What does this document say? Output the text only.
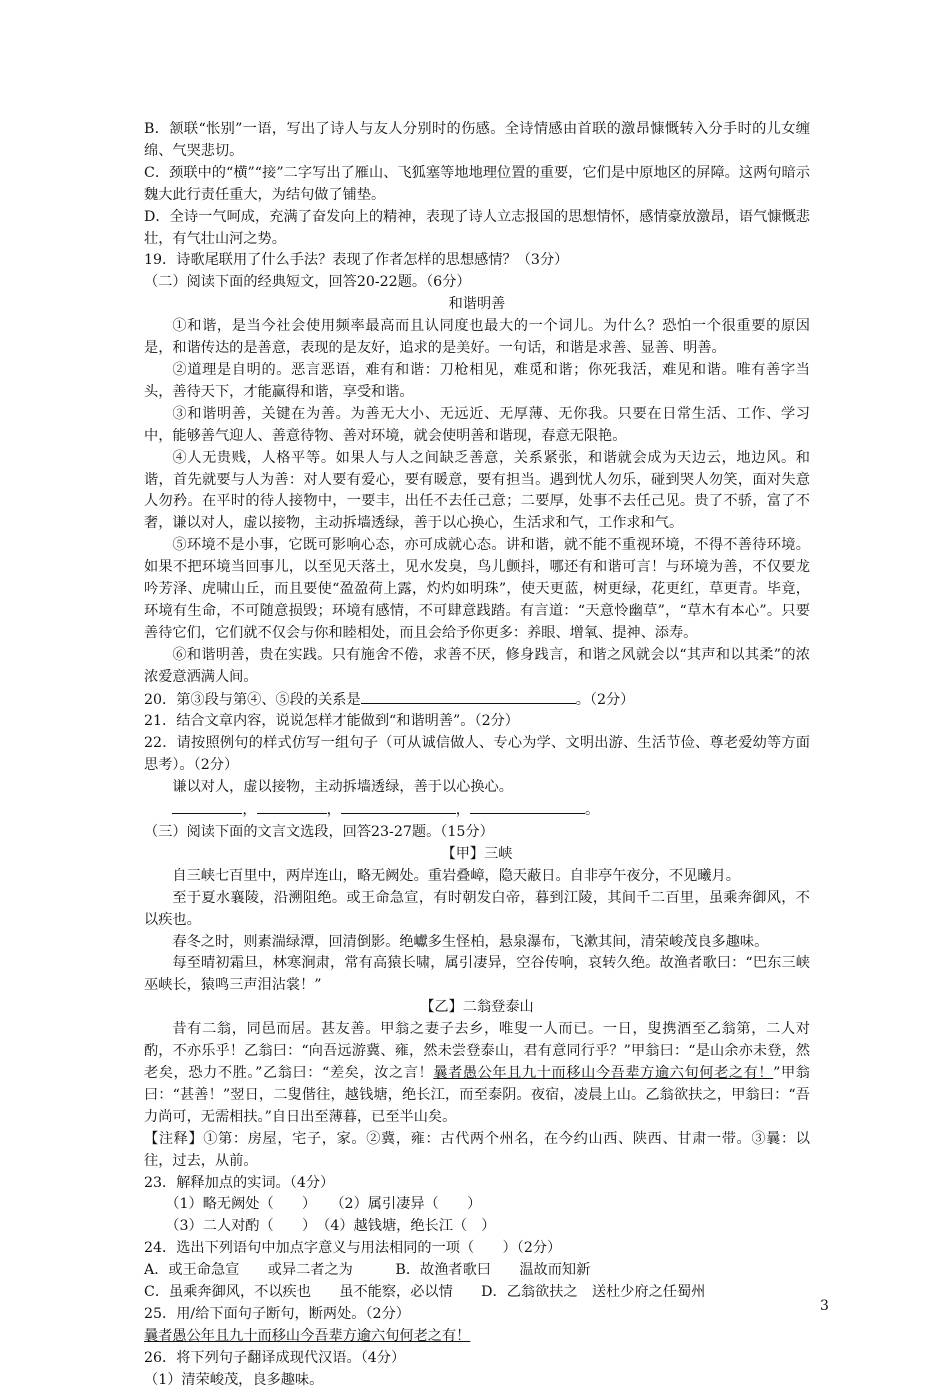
B．颔联“怅别”一语，写出了诗人与友人分别时的伤感。全诗情感由首联的激昂慷慨转入分手时的儿女缠绵、气哭悲切。

C．颈联中的“横”“接”二字写出了雁山、飞狐塞等地地理位置的重要，它们是中原地区的屏障。这两句暗示魏大此行责任重大，为结句做了铺垫。

D．全诗一气呵成，充满了奋发向上的精神，表现了诗人立志报国的思想情怀，感情豪放激昂，语气慷慨悲壮，有气壮山河之势。

19．诗歌尾联用了什么手法？表现了作者怎样的思想感情？（3分）

（二）阅读下面的经典短文，回答20-22题。（6分）

和谐明善

①和谐，是当今社会使用频率最高而且认同度也最大的一个词儿。为什么？恐怕一个很重要的原因是，和谐传达的是善意，表现的是友好，追求的是美好。一句话，和谐是求善、显善、明善。

②道理是自明的。恶言恶语，难有和谐：刀枪相见，难觅和谐；你死我活，难见和谐。唯有善字当头，善待天下，才能赢得和谐，享受和谐。

③和谐明善，关键在为善。为善无大小、无远近、无厚薄、无你我。只要在日常生活、工作、学习中，能够善气迎人、善意待物、善对环境，就会使明善和谐现，春意无限艳。

④人无贵贱，人格平等。如果人与人之间缺乏善意，关系紧张，和谐就会成为天边云，地边风。和谐，首先就要与人为善：对人要有爱心，要有暖意，要有担当。遇到忧人勿乐，碰到哭人勿笑，面对失意人勿矜。在平时的待人接物中，一要丰，出任不去任己意；二要厚，处事不去任己见。贵了不骄，富了不奢，谦以对人，虚以接物，主动拆墙透绿，善于以心换心，生活求和气，工作求和气。

⑤环境不是小事，它既可影响心态，亦可成就心态。讲和谐，就不能不重视环境，不得不善待环境。如果不把环境当回事儿，以至见天落土，见水发臭，鸟儿颤抖，哪还有和谐可言！与环境为善，不仅要龙吟芳泽、虎啸山丘，而且要使“盈盈荷上露，灼灼如明珠”，使天更蓝，树更绿，花更红，草更青。毕竟，环境有生命，不可随意损毁；环境有感情，不可肆意践踏。有言道：“天意怜幽草”，“草木有本心”。只要善待它们，它们就不仅会与你和睦相处，而且会给予你更多：养眼、增氧、提神、添寿。

⑥和谐明善，贵在实践。只有施舍不倦，求善不厌，修身践言，和谐之风就会以“其声和以其柔”的浓浓爱意洒满人间。

20．第③段与第④、⑤段的关系是	。（2分）

21．结合文章内容，说说怎样才能做到“和谐明善”。（2分）

22．请按照例句的样式仿写一组句子（可从诚信做人、专心为学、文明出游、生活节俭、尊老爱幼等方面思考）。（2分）

谦以对人，虚以接物，主动拆墙透绿，善于以心换心。

，	，	，	。

（三）阅读下面的文言文选段，回答23-27题。（15分）

【甲】三峡

自三峡七百里中，两岸连山，略无阙处。重岩叠嶂，隐天蔽日。自非亭午夜分，不见曦月。

至于夏水襄陵，沿溯阻绝。或王命急宣，有时朝发白帝，暮到江陵，其间千二百里，虽乘奔御风，不以疾也。

春冬之时，则素湍绿潭，回清倒影。绝巘多生怪柏，悬泉瀑布，飞漱其间，清荣峻茂良多趣味。

每至晴初霜旦，林寒涧肃，常有高猿长啸，属引凄异，空谷传响，哀转久绝。故渔者歌曰：“巴东三峡巫峡长，猿鸣三声泪沾裳！”

【乙】二翁登泰山

昔有二翁，同邑而居。甚友善。甲翁之妻子去乡，唯叟一人而已。一日，叟携酒至乙翁第，二人对酌，不亦乐乎！乙翁曰：“向吾远游冀、雍，然未尝登泰山，君有意同行乎？”甲翁曰：“是山余亦未登，然老矣，恐力不胜。”乙翁曰：“差矣，汝之言！曩者愚公年且九十而移山今吾辈方逾六旬何老之有！”甲翁曰：“甚善！”翌日，二叟偕往，越钱塘，绝长江，而至泰阴。夜宿，凌晨上山。乙翁欲扶之，甲翁曰：“吾力尚可，无需相扶。”自日出至薄暮，已至半山矣。

【注释】①第：房屋，宅子，家。②冀，雍：古代两个州名，在今约山西、陕西、甘肃一带。③曩：以往，过去，从前。

23．解释加点的实词。（4分）

（1）略无阙处（　　）　　（2）属引凄异（　　）

（3）二人对酌（　　）　（4）越钱塘，绝长江（　）

24．选出下列语句中加点字意义与用法相同的一项（　　）（2分）

A．或王命急宣　　或异二者之为　　　B．故渔者歌曰　　温故而知新

C．虽乘奔御风，不以疾也　　虽不能察，必以情　　D．乙翁欲扶之　送杜少府之任蜀州

25．用/给下面句子断句，断两处。（2分）

曩者愚公年且九十而移山今吾辈方逾六旬何老之有！

26．将下列句子翻译成现代汉语。（4分）

（1）清荣峻茂，良多趣味。

3
